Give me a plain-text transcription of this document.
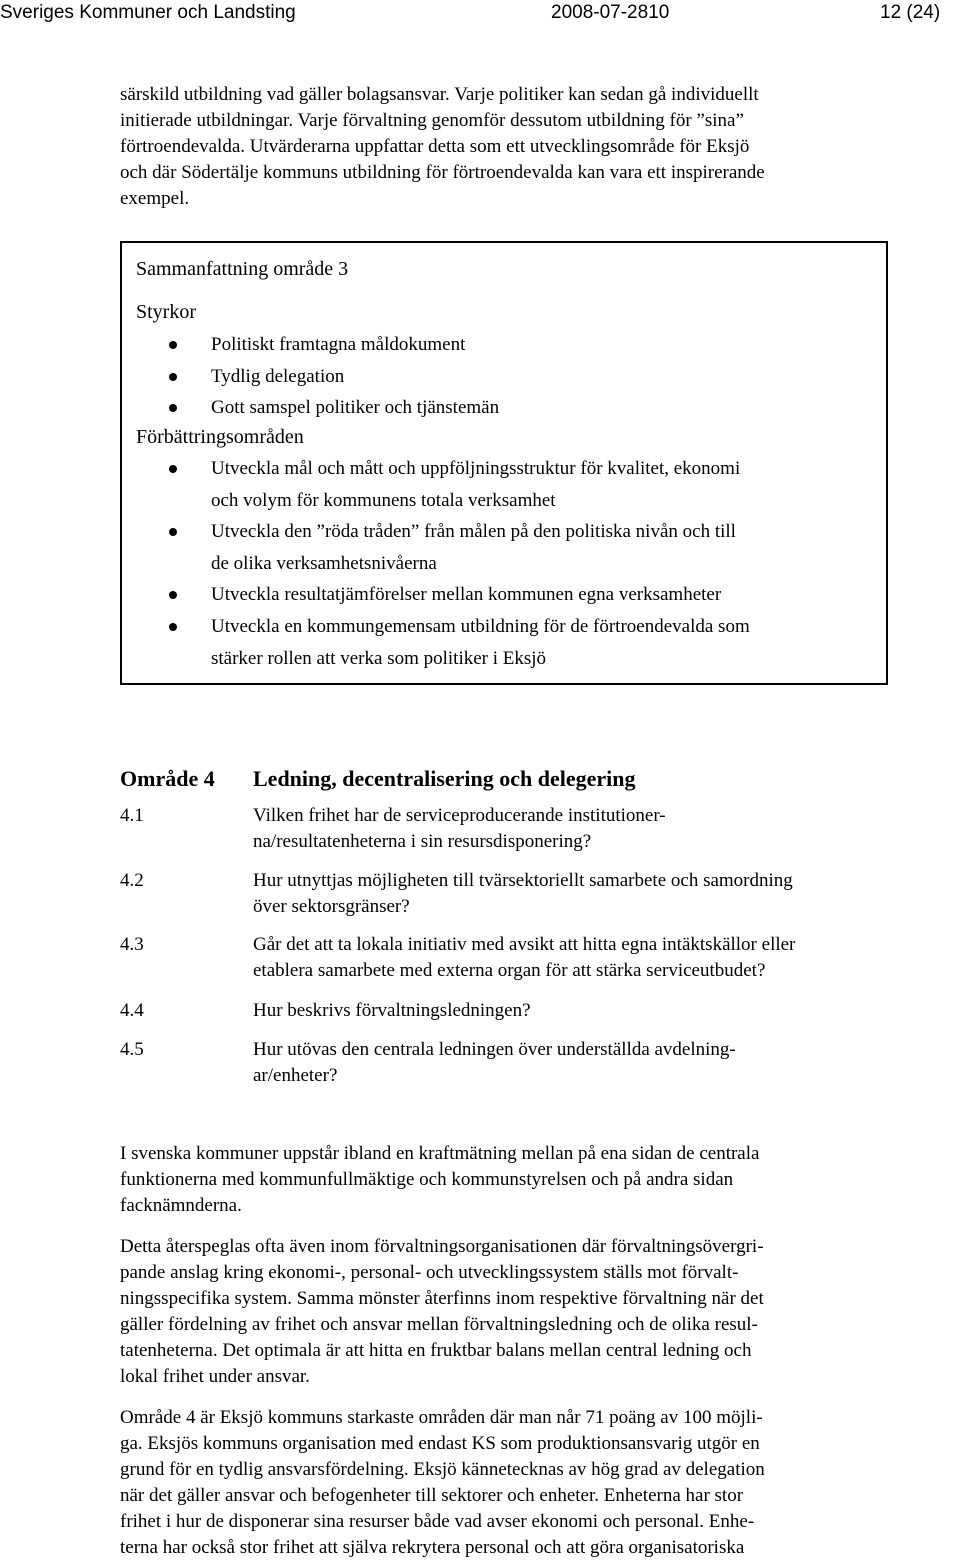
Sveriges Kommuner och Landsting	2008-07-2810	12 (24)
särskild utbildning vad gäller bolagsansvar. Varje politiker kan sedan gå individuellt
initierade utbildningar. Varje förvaltning genomför dessutom utbildning för ”sina”
förtroendevalda. Utvärderarna uppfattar detta som ett utvecklingsområde för Eksjö
och där Södertälje kommuns utbildning för förtroendevalda kan vara ett inspirerande
exempel.
Sammanfattning område 3
Styrkor
Politiskt framtagna måldokument
Tydlig delegation
Gott samspel politiker och tjänstemän
Förbättringsområden
Utveckla mål och mått och uppföljningsstruktur för kvalitet, ekonomi
och volym för kommunens totala verksamhet
Utveckla den ”röda tråden” från målen på den politiska nivån och till
de olika verksamhetsnivåerna
Utveckla resultatjämförelser mellan kommunen egna verksamheter
Utveckla en kommungemensam utbildning för de förtroendevalda som
stärker rollen att verka som politiker i Eksjö
Område 4 Ledning, decentralisering och delegering
4.1	Vilken frihet har de serviceproducerande institutioner-
na/resultatenheterna i sin resursdisponering?
4.2	Hur utnyttjas möjligheten till tvärsektoriellt samarbete och samordning
över sektorsgränser?
4.3	Går det att ta lokala initiativ med avsikt att hitta egna intäktskällor eller
etablera samarbete med externa organ för att stärka serviceutbudet?
4.4	Hur beskrivs förvaltningsledningen?
4.5	Hur utövas den centrala ledningen över underställda avdelning-
ar/enheter?
I svenska kommuner uppstår ibland en kraftmätning mellan på ena sidan de centrala
funktionerna med kommunfullmäktige och kommunstyrelsen och på andra sidan
facknämnderna.
Detta återspeglas ofta även inom förvaltningsorganisationen där förvaltningsövergri-
pande anslag kring ekonomi-, personal- och utvecklingssystem ställs mot förvalt-
ningsspecifika system. Samma mönster återfinns inom respektive förvaltning när det
gäller fördelning av frihet och ansvar mellan förvaltningsledning och de olika resul-
tatenheterna. Det optimala är att hitta en fruktbar balans mellan central ledning och
lokal frihet under ansvar.
Område 4 är Eksjö kommuns starkaste områden där man når 71 poäng av 100 möjli-
ga. Eksjös kommuns organisation med endast KS som produktionsansvarig utgör en
grund för en tydlig ansvarsfördelning. Eksjö kännetecknas av hög grad av delegation
när det gäller ansvar och befogenheter till sektorer och enheter. Enheterna har stor
frihet i hur de disponerar sina resurser både vad avser ekonomi och personal. Enhe-
terna har också stor frihet att själva rekrytera personal och att göra organisatoriska
